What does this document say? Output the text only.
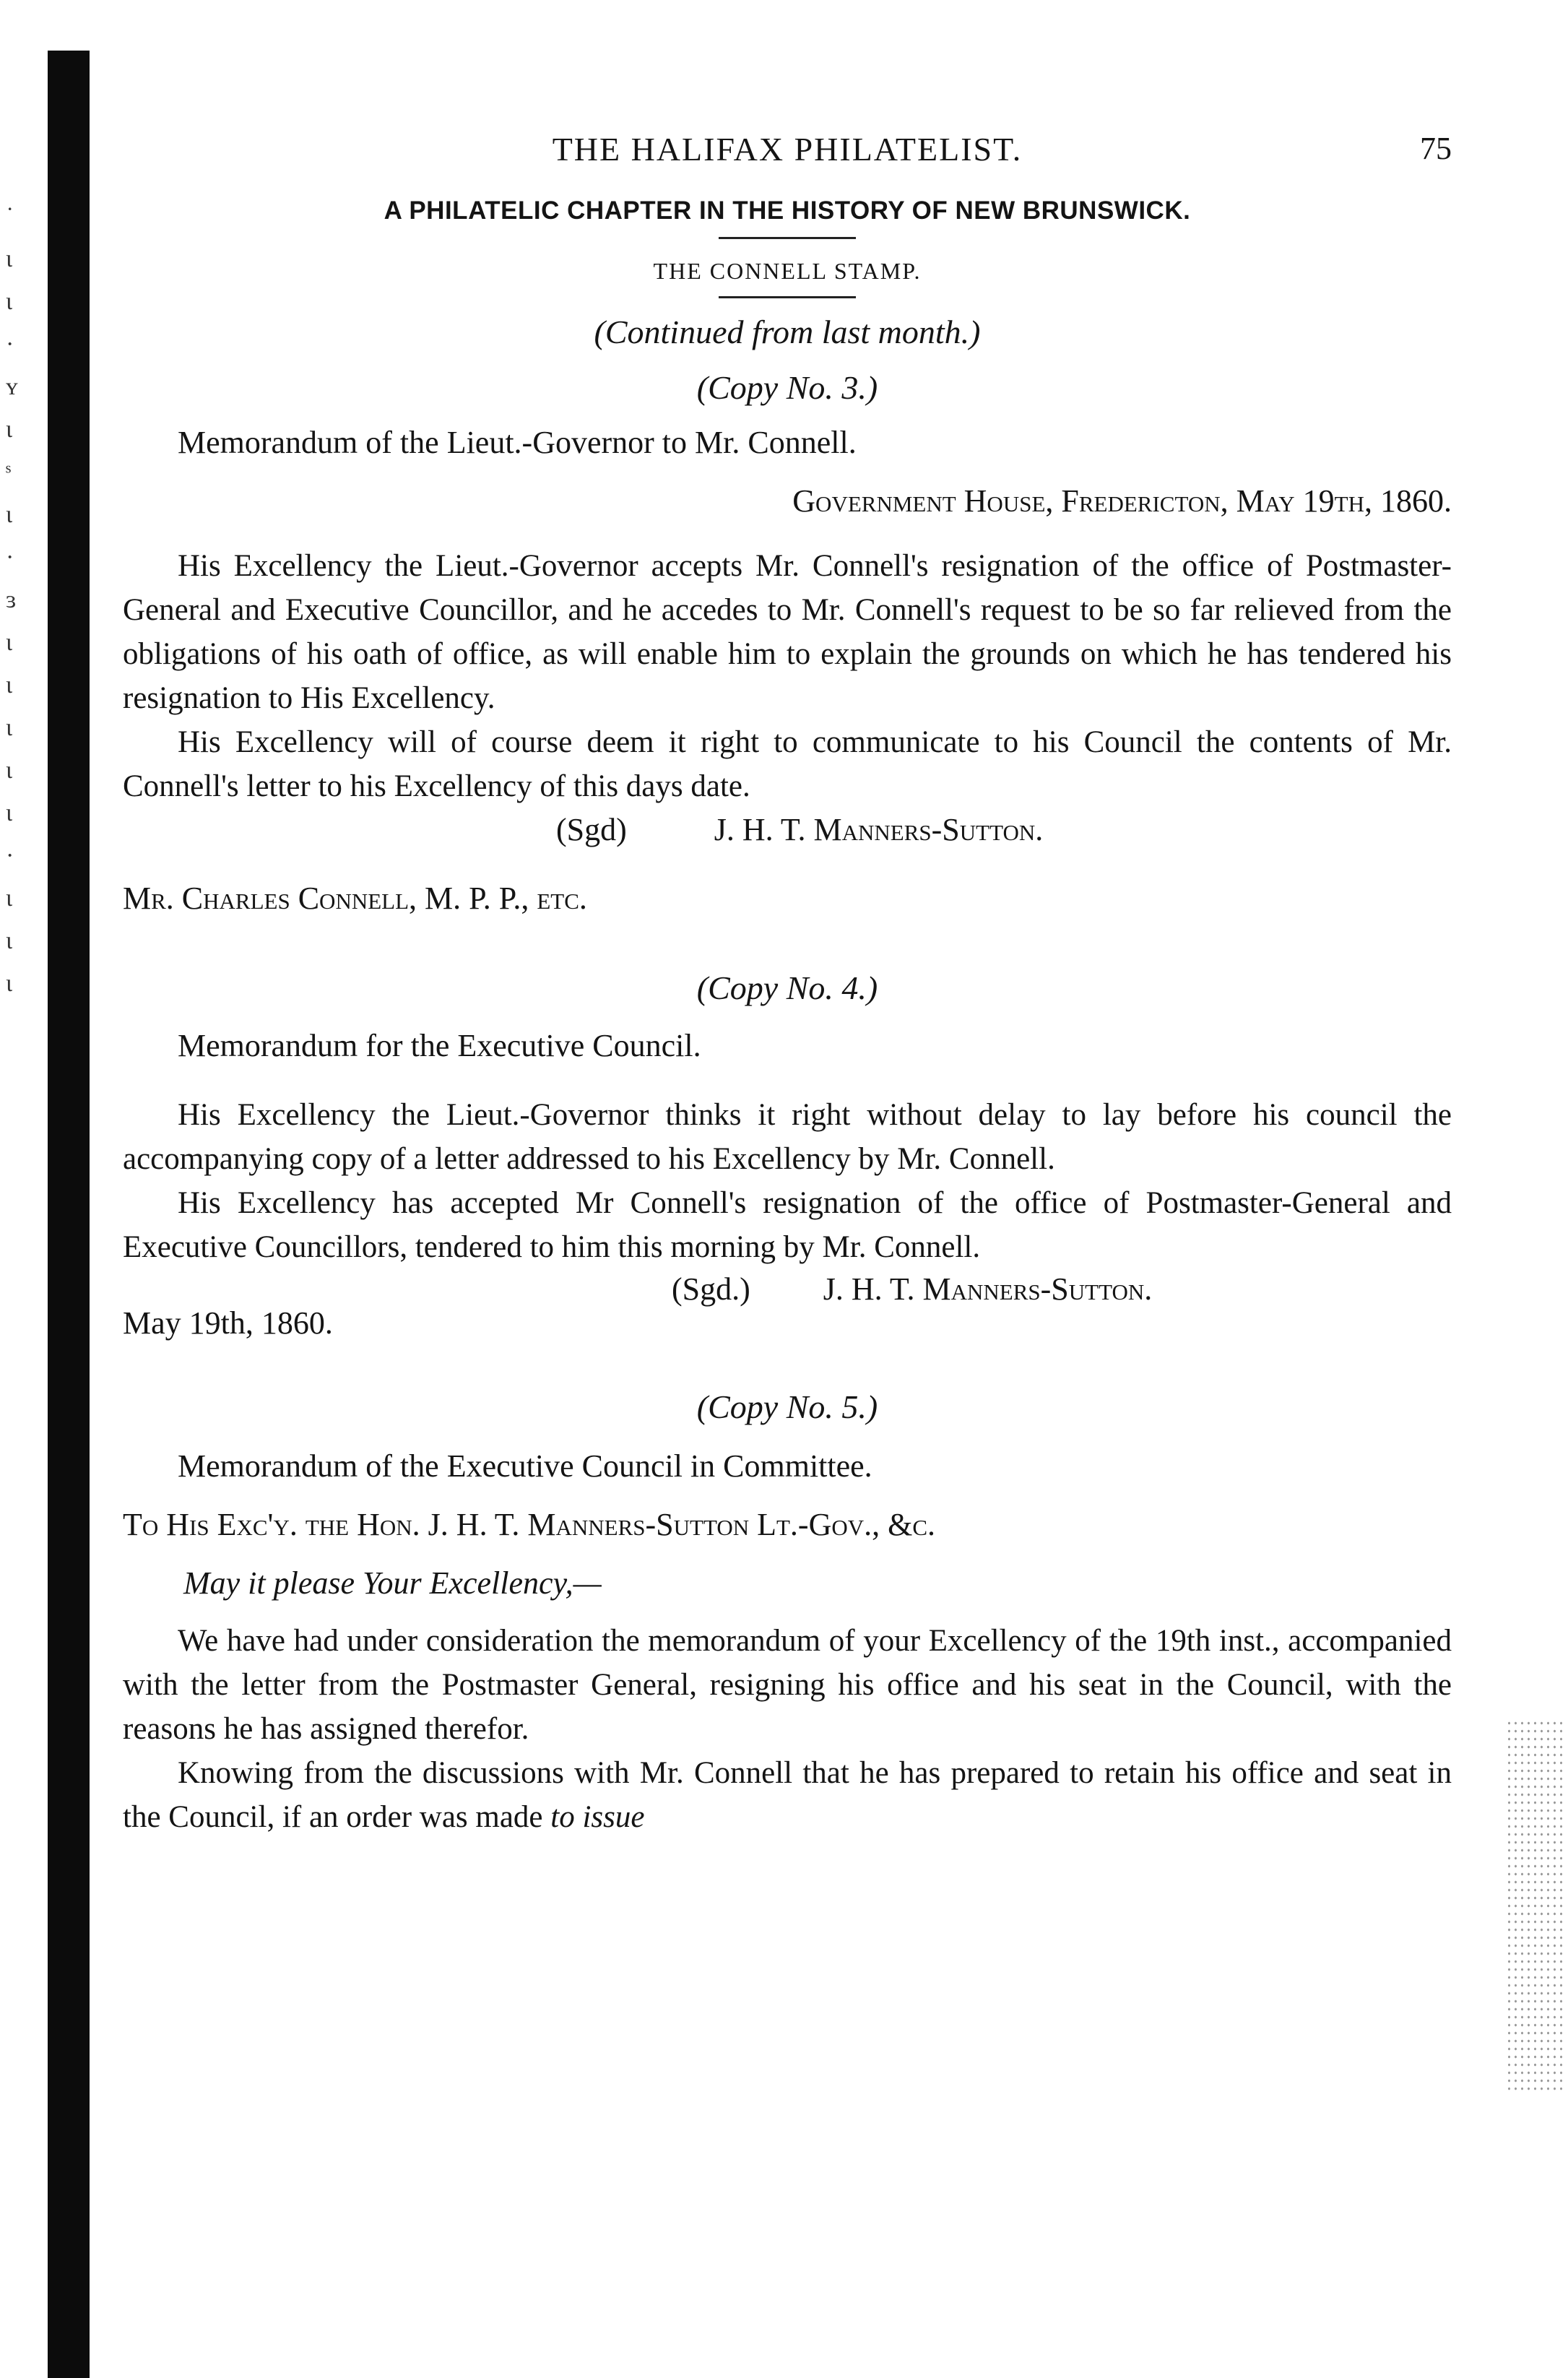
˙
ɩ
ɩ
·
ʏ
ɩ
ˢ
ɩ
·
ɜ
ɩ
ɩ
ɩ
ɩ
ɩ
·
ɩ
ɩ
ɩ
THE HALIFAX PHILATELIST.	75
A PHILATELIC CHAPTER IN THE HISTORY OF NEW BRUNSWICK.
THE CONNELL STAMP.
(Continued from last month.)
(Copy No. 3.)
Memorandum of the Lieut.-Governor to Mr. Connell.
Government House, Fredericton, May 19th, 1860.

His Excellency the Lieut.-Governor accepts Mr. Connell's resignation of the office of Postmaster-General and Executive Councillor, and he accedes to Mr. Connell's request to be so far relieved from the obligations of his oath of office, as will enable him to explain the grounds on which he has tendered his resignation to His Excellency.

His Excellency will of course deem it right to communicate to his Council the contents of Mr. Connell's letter to his Excellency of this days date.

(Sgd)	J. H. T. Manners-Sutton.
Mr. Charles Connell, M. P. P., etc.
(Copy No. 4.)
Memorandum for the Executive Council.

His Excellency the Lieut.-Governor thinks it right without delay to lay before his council the accompanying copy of a letter addressed to his Excellency by Mr. Connell.

His Excellency has accepted Mr Connell's resignation of the office of Postmaster-General and Executive Councillors, tendered to him this morning by Mr. Connell.

(Sgd.) J. H. T. Manners-Sutton.
May 19th, 1860.
(Copy No. 5.)
Memorandum of the Executive Council in Committee.
To His Exc'y. the Hon. J. H. T. Manners-Sutton Lt.-Gov., &c.
May it please Your Excellency,—

We have had under consideration the memorandum of your Excellency of the 19th inst., accompanied with the letter from the Postmaster General, resigning his office and his seat in the Council, with the reasons he has assigned therefor.

Knowing from the discussions with Mr. Connell that he has prepared to retain his office and seat in the Council, if an order was made to issue
